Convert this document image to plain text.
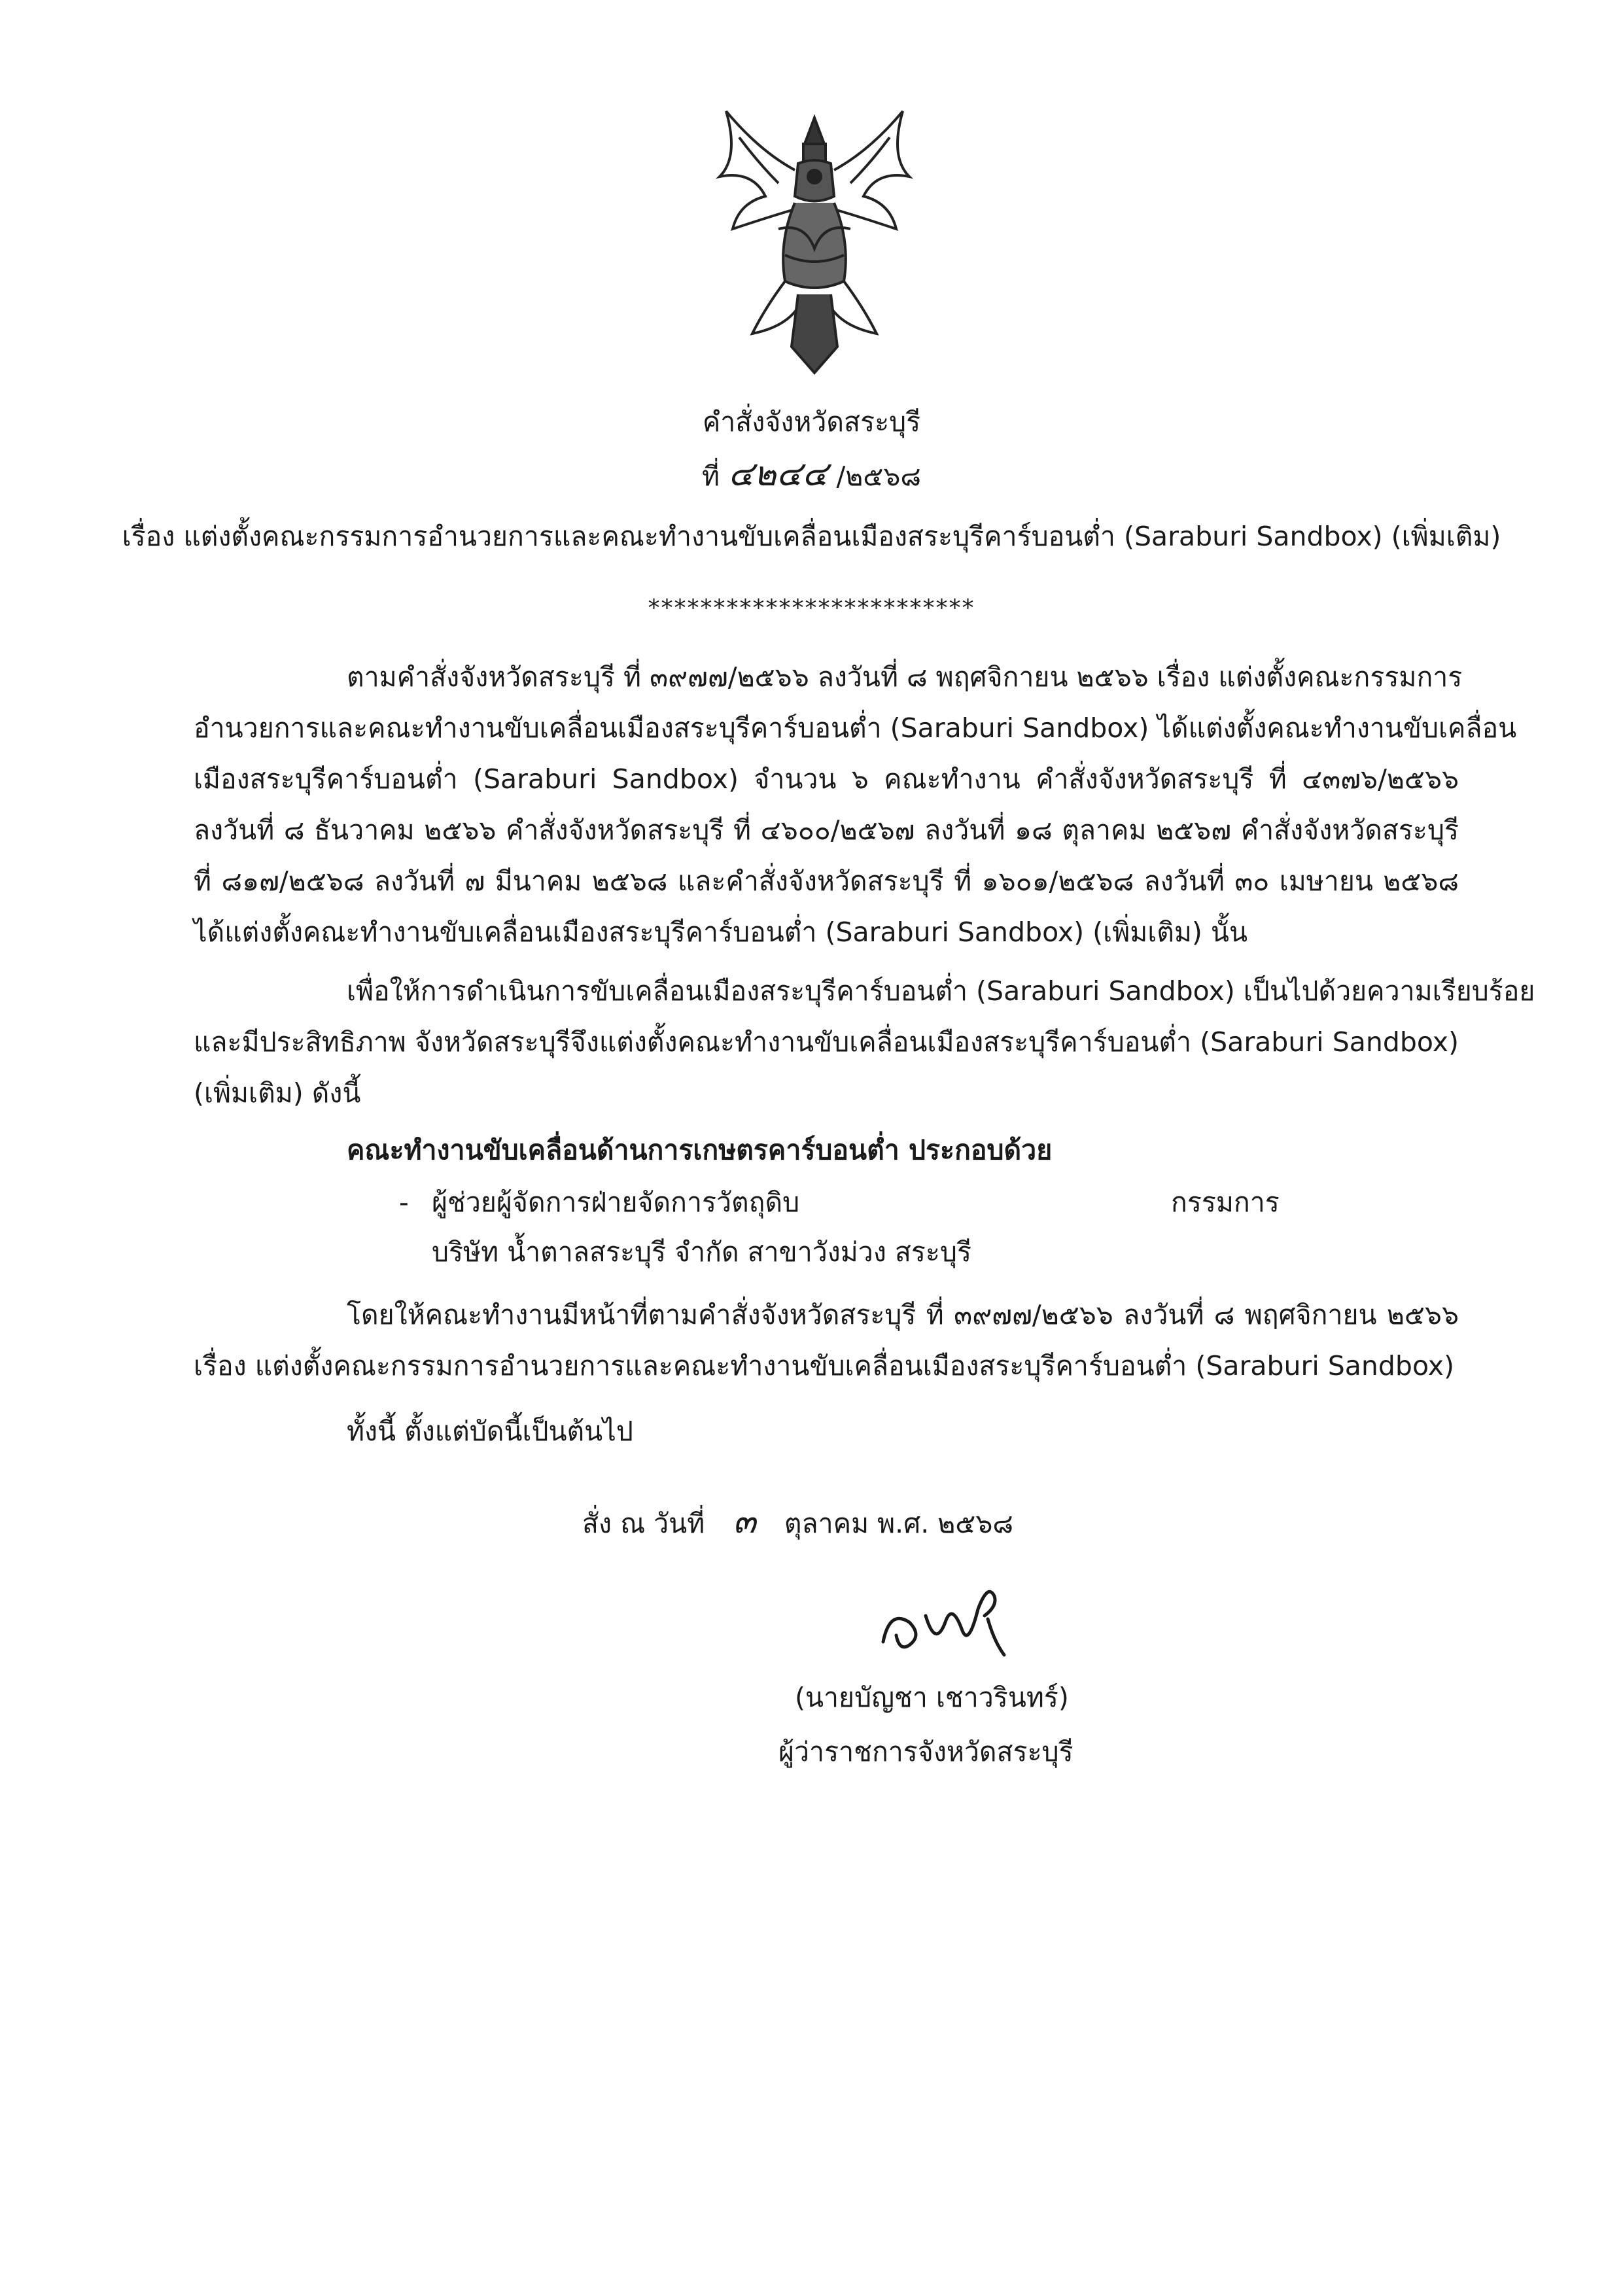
คำสั่งจังหวัดสระบุรี
ที่ ๔๒๔๔ /๒๕๖๘
เรื่อง แต่งตั้งคณะกรรมการอำนวยการและคณะทำงานขับเคลื่อนเมืองสระบุรีคาร์บอนต่ำ (Saraburi Sandbox) (เพิ่มเติม)
*************************
ตามคำสั่งจังหวัดสระบุรี ที่ ๓๙๗๗/๒๕๖๖ ลงวันที่ ๘ พฤศจิกายน ๒๕๖๖ เรื่อง แต่งตั้งคณะกรรมการ
อำนวยการและคณะทำงานขับเคลื่อนเมืองสระบุรีคาร์บอนต่ำ (Saraburi Sandbox) ได้แต่งตั้งคณะทำงานขับเคลื่อน
เมืองสระบุรีคาร์บอนต่ำ (Saraburi Sandbox) จำนวน ๖ คณะทำงาน คำสั่งจังหวัดสระบุรี ที่ ๔๓๗๖/๒๕๖๖
ลงวันที่ ๘ ธันวาคม ๒๕๖๖ คำสั่งจังหวัดสระบุรี ที่ ๔๖๐๐/๒๕๖๗ ลงวันที่ ๑๘ ตุลาคม ๒๕๖๗ คำสั่งจังหวัดสระบุรี
ที่ ๘๑๗/๒๕๖๘ ลงวันที่ ๗ มีนาคม ๒๕๖๘ และคำสั่งจังหวัดสระบุรี ที่ ๑๖๐๑/๒๕๖๘ ลงวันที่ ๓๐ เมษายน ๒๕๖๘
ได้แต่งตั้งคณะทำงานขับเคลื่อนเมืองสระบุรีคาร์บอนต่ำ (Saraburi Sandbox) (เพิ่มเติม) นั้น
เพื่อให้การดำเนินการขับเคลื่อนเมืองสระบุรีคาร์บอนต่ำ (Saraburi Sandbox) เป็นไปด้วยความเรียบร้อย
และมีประสิทธิภาพ จังหวัดสระบุรีจึงแต่งตั้งคณะทำงานขับเคลื่อนเมืองสระบุรีคาร์บอนต่ำ (Saraburi Sandbox)
(เพิ่มเติม) ดังนี้
คณะทำงานขับเคลื่อนด้านการเกษตรคาร์บอนต่ำ ประกอบด้วย
- ผู้ช่วยผู้จัดการฝ่ายจัดการวัตถุดิบ	กรรมการ
บริษัท น้ำตาลสระบุรี จำกัด สาขาวังม่วง สระบุรี
โดยให้คณะทำงานมีหน้าที่ตามคำสั่งจังหวัดสระบุรี ที่ ๓๙๗๗/๒๕๖๖ ลงวันที่ ๘ พฤศจิกายน ๒๕๖๖
เรื่อง แต่งตั้งคณะกรรมการอำนวยการและคณะทำงานขับเคลื่อนเมืองสระบุรีคาร์บอนต่ำ (Saraburi Sandbox)
ทั้งนี้ ตั้งแต่บัดนี้เป็นต้นไป
สั่ง ณ วันที่ ๓ ตุลาคม พ.ศ. ๒๕๖๘
(นายบัญชา เชาวรินทร์)
ผู้ว่าราชการจังหวัดสระบุรี
